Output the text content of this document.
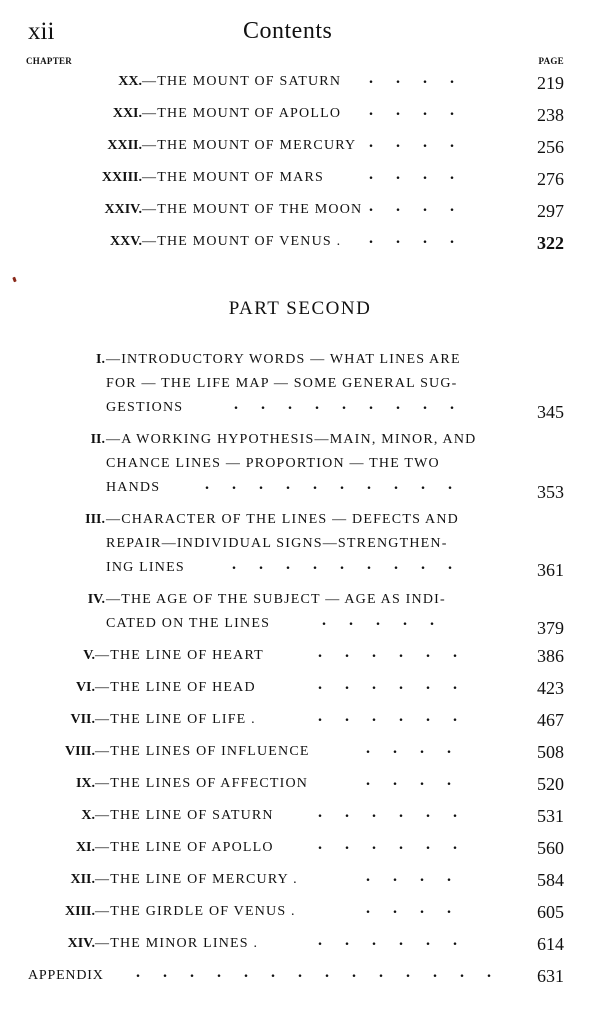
xii	Contents
CHAPTER	PAGE
XX. —THE MOUNT OF SATURN ....	219
XXI. —THE MOUNT OF APOLLO ....	238
XXII. —THE MOUNT OF MERCURY ....	256
XXIII. —THE MOUNT OF MARS	....	276
XXIV. —THE MOUNT OF THE MOON ....	297
XXV. —THE MOUNT OF VENUS . ....	322
PART SECOND
I. —INTRODUCTORY WORDS — WHAT LINES ARE
FOR — THE LIFE MAP — SOME GENERAL SUG-
GESTIONS	.........	345
II. —A WORKING HYPOTHESIS—MAIN, MINOR, AND
CHANCE LINES — PROPORTION — THE TWO
HANDS	..........	353
III. —CHARACTER OF THE LINES — DEFECTS AND
REPAIR—INDIVIDUAL SIGNS—STRENGTHEN-
ING LINES	.........	361
IV. —THE AGE OF THE SUBJECT — AGE AS INDI-
CATED ON THE LINES	.....	379
V. —THE LINE OF HEART	......	386
VI. —THE LINE OF HEAD	......	423
VII. —THE LINE OF LIFE .	......	467
VIII. —THE LINES OF INFLUENCE	....	508
IX. —THE LINES OF AFFECTION	....	520
X. —THE LINE OF SATURN	......	531
XI. —THE LINE OF APOLLO	......	560
XII. —THE LINE OF MERCURY .	....	584
XIII. —THE GIRDLE OF VENUS .	....	605
XIV. —THE MINOR LINES .	......	614
APPENDIX .............. 631
